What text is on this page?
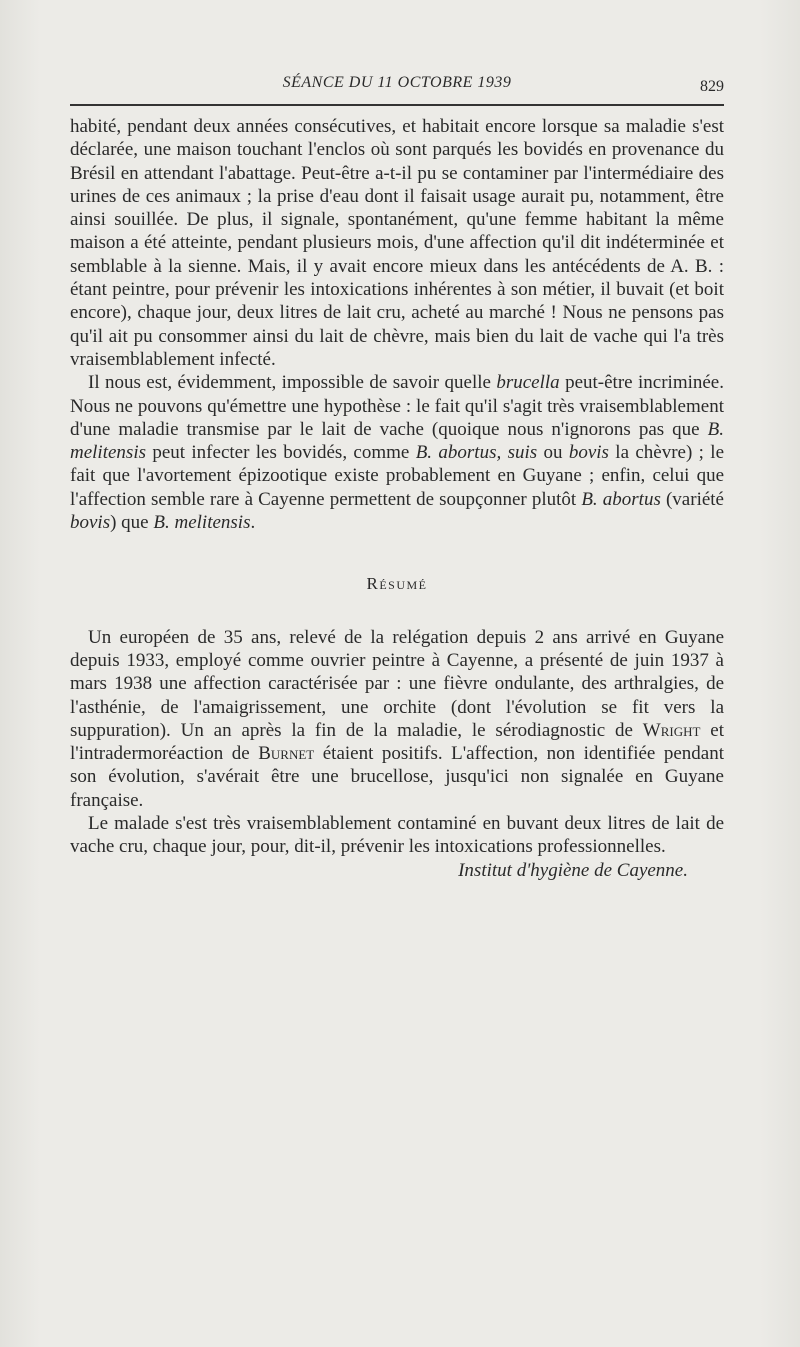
SÉANCE DU 11 OCTOBRE 1939	829

habité, pendant deux années consécutives, et habitait encore lorsque sa maladie s'est déclarée, une maison touchant l'enclos où sont parqués les bovidés en provenance du Brésil en attendant l'abattage. Peut-être a-t-il pu se contaminer par l'intermédiaire des urines de ces animaux ; la prise d'eau dont il faisait usage aurait pu, notamment, être ainsi souillée. De plus, il signale, spontanément, qu'une femme habitant la même maison a été atteinte, pendant plusieurs mois, d'une affection qu'il dit indéterminée et semblable à la sienne. Mais, il y avait encore mieux dans les antécédents de A. B. : étant peintre, pour prévenir les intoxications inhérentes à son métier, il buvait (et boit encore), chaque jour, deux litres de lait cru, acheté au marché ! Nous ne pensons pas qu'il ait pu consommer ainsi du lait de chèvre, mais bien du lait de vache qui l'a très vraisemblablement infecté.

Il nous est, évidemment, impossible de savoir quelle brucella peut-être incriminée. Nous ne pouvons qu'émettre une hypothèse : le fait qu'il s'agit très vraisemblablement d'une maladie transmise par le lait de vache (quoique nous n'ignorons pas que B. melitensis peut infecter les bovidés, comme B. abortus, suis ou bovis la chèvre) ; le fait que l'avortement épizootique existe probablement en Guyane ; enfin, celui que l'affection semble rare à Cayenne permettent de soupçonner plutôt B. abortus (variété bovis) que B. melitensis.

Résumé

Un européen de 35 ans, relevé de la relégation depuis 2 ans arrivé en Guyane depuis 1933, employé comme ouvrier peintre à Cayenne, a présenté de juin 1937 à mars 1938 une affection caractérisée par : une fièvre ondulante, des arthralgies, de l'asthénie, de l'amaigrissement, une orchite (dont l'évolution se fit vers la suppuration). Un an après la fin de la maladie, le sérodiagnostic de Wright et l'intradermoréaction de Burnet étaient positifs. L'affection, non identifiée pendant son évolution, s'avérait être une brucellose, jusqu'ici non signalée en Guyane française.

Le malade s'est très vraisemblablement contaminé en buvant deux litres de lait de vache cru, chaque jour, pour, dit-il, prévenir les intoxications professionnelles.

Institut d'hygiène de Cayenne.
